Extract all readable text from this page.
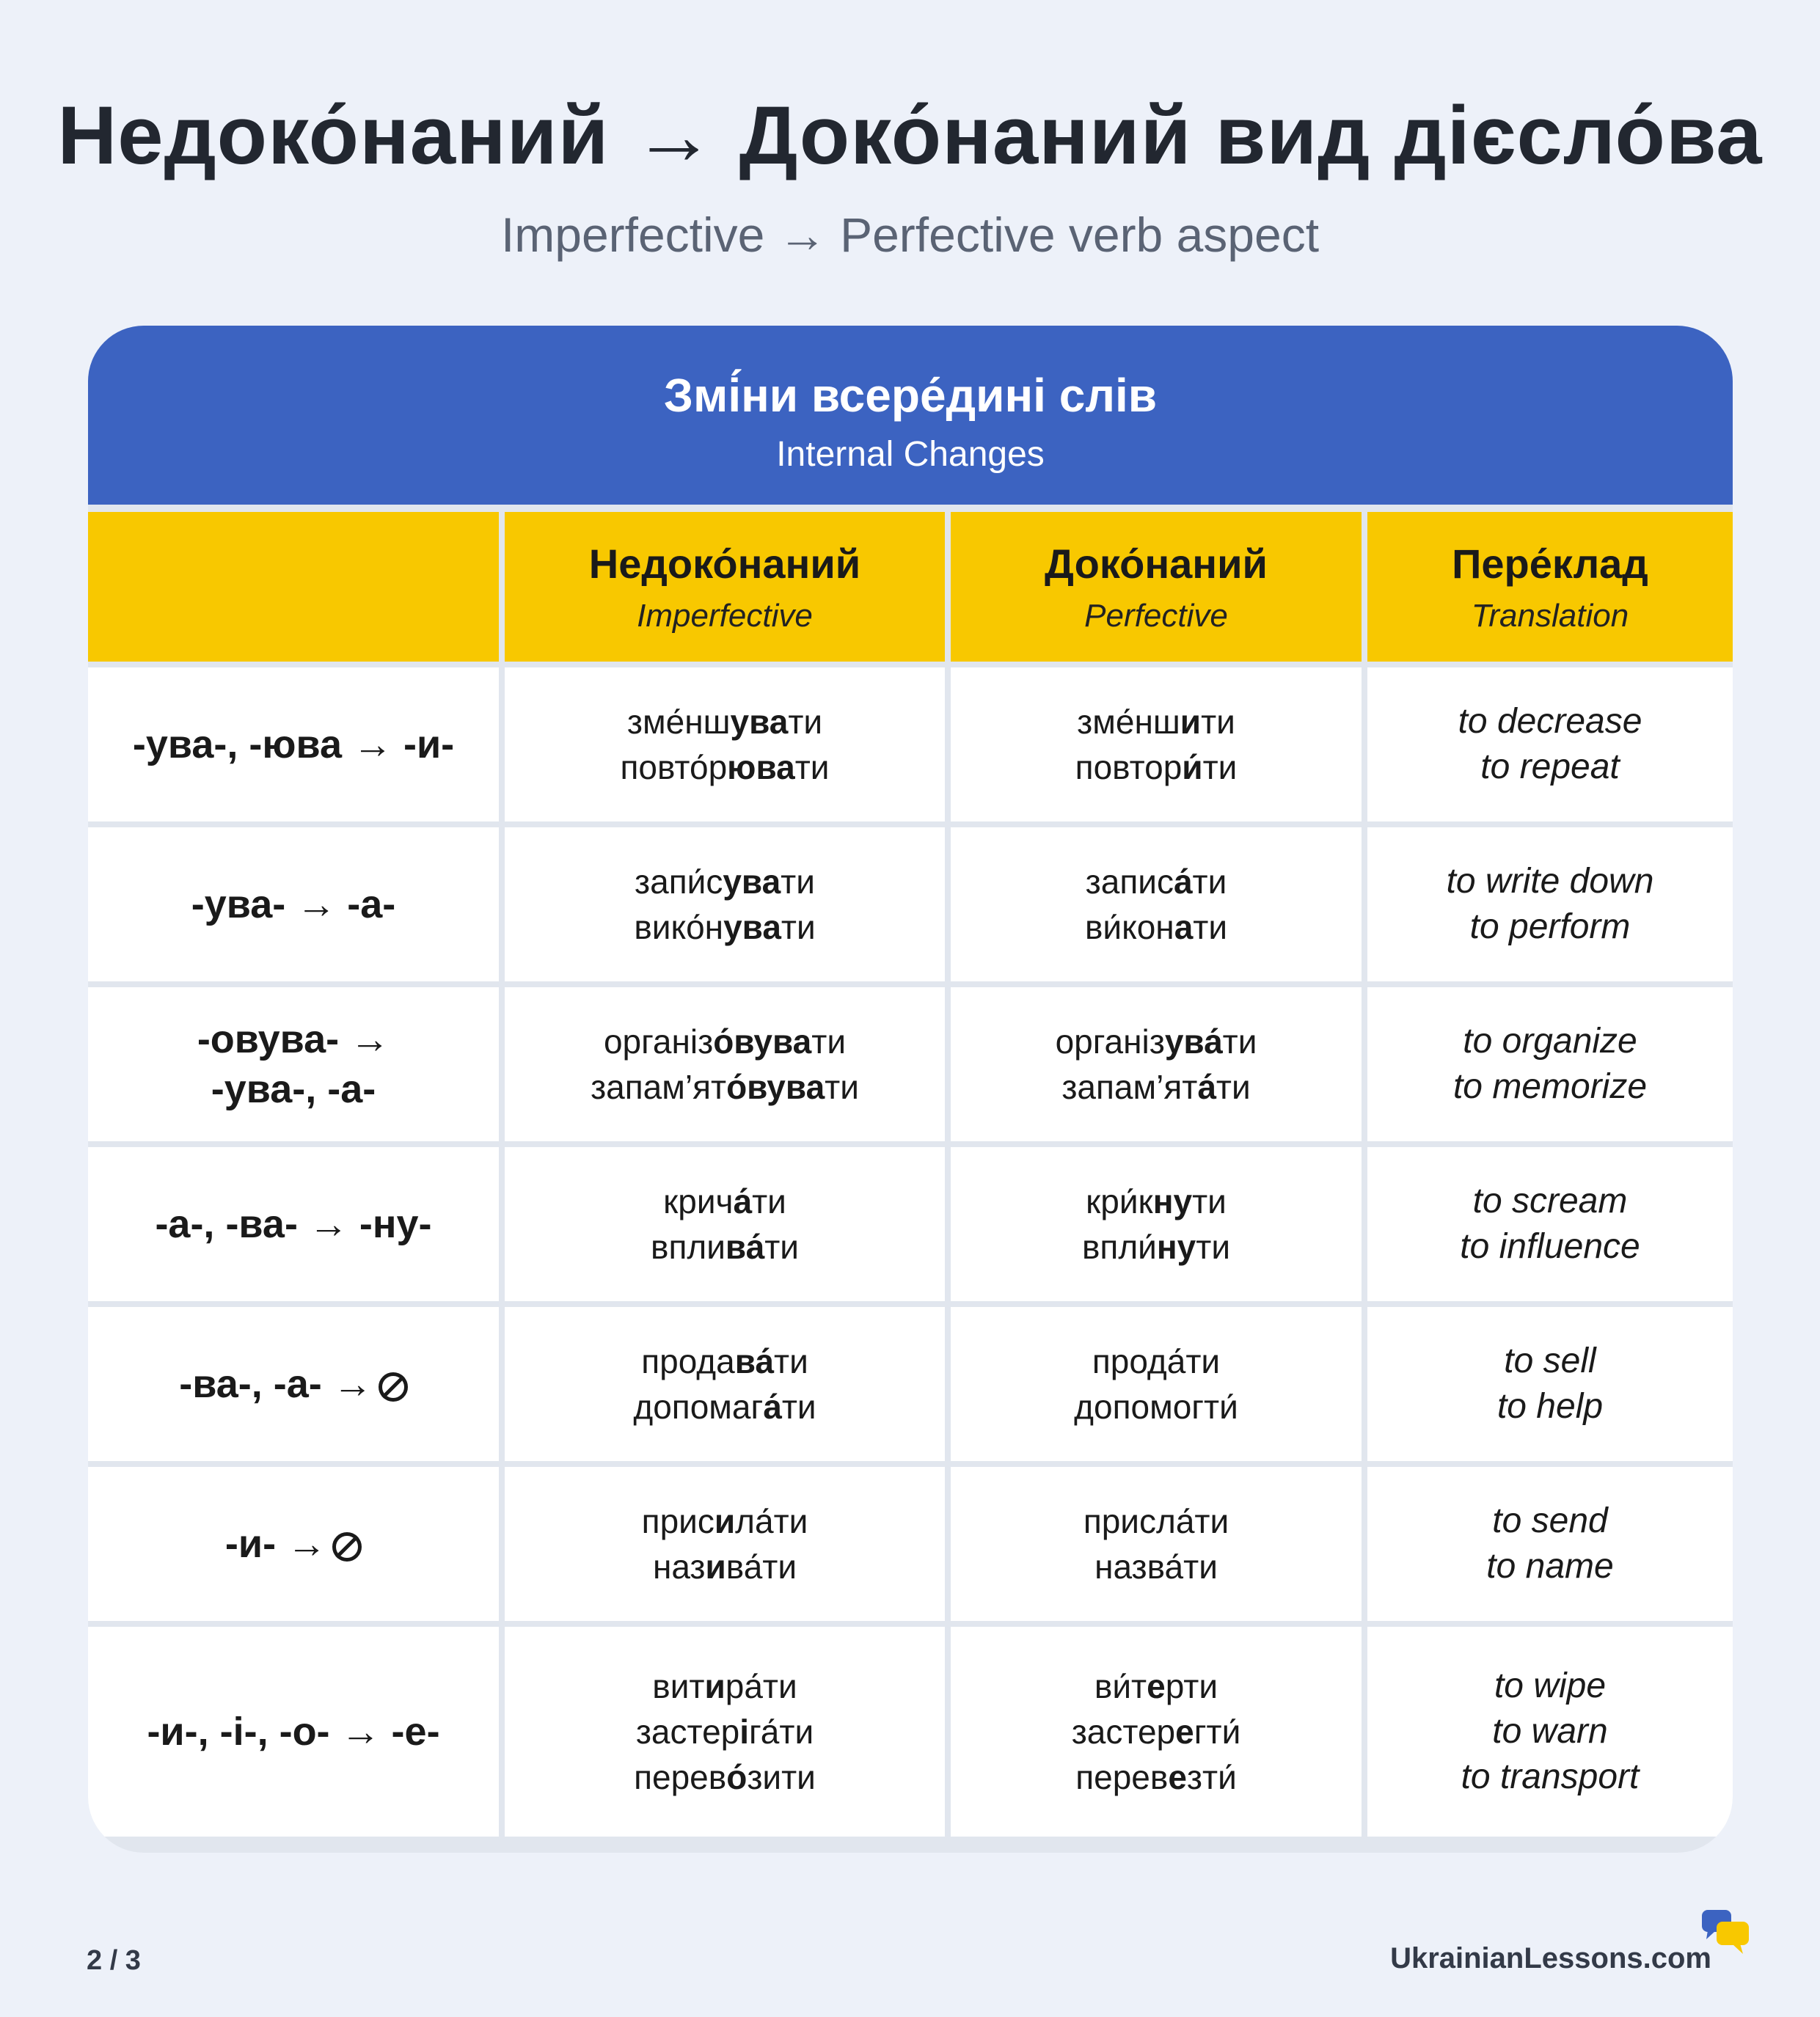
Недоко́наний → Доко́наний вид дієсло́ва
Imperfective → Perfective verb aspect
Змі́ни всере́дині слів
Internal Changes
Недоко́наний
Imperfective
Доко́наний
Perfective
Пере́клад
Translation
-ува-, -юва → -и-
зме́ншувати
повто́рювати
зме́ншити
повтори́ти
to decrease
to repeat
-ува- → -а-
запи́сувати
вико́нувати
записа́ти
ви́конати
to write down
to perform
-овува- →
-ува-, -а-
організо́вувати
запам’ято́вувати
організува́ти
запам’ята́ти
to organize
to memorize
-а-, -ва- → -ну-
крича́ти
вплива́ти
кри́кнути
впли́нути
to scream
to influence
-ва-, -а- →
продава́ти
допомага́ти
прода́ти
допомогти́
to sell
to help
-и- →
присила́ти
назива́ти
присла́ти
назва́ти
to send
to name
-и-, -і-, -о- → -е-
витира́ти
застеріга́ти
перево́зити
ви́терти
застерегти́
перевезти́
to wipe
to warn
to transport
2 / 3	UkrainianLessons.com
